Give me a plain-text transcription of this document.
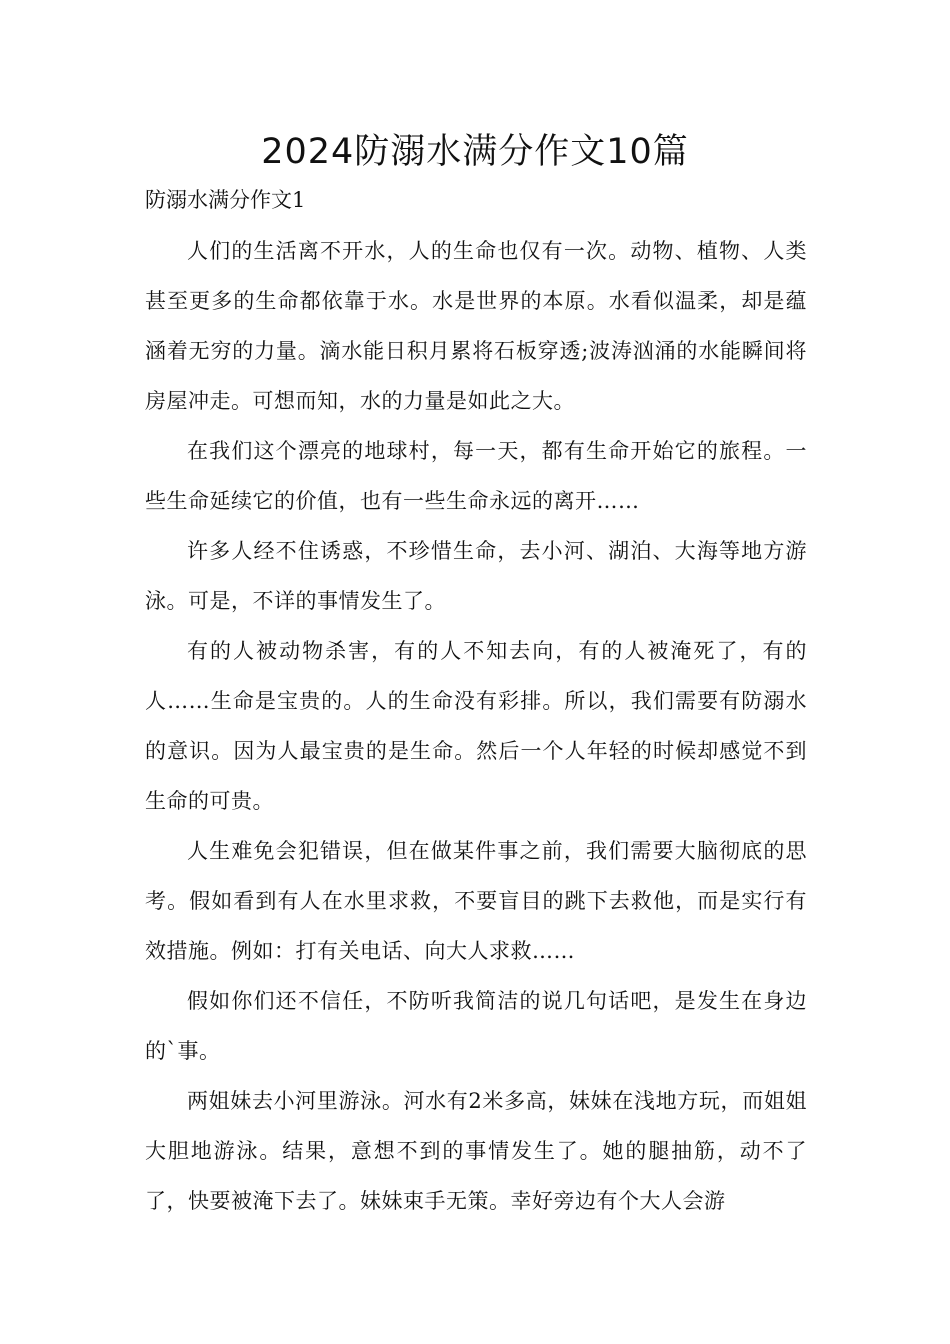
2024防溺水满分作文10篇

防溺水满分作文1

人们的生活离不开水，人的生命也仅有一次。动物、植物、人类甚至更多的生命都依靠于水。水是世界的本原。水看似温柔，却是蕴涵着无穷的力量。滴水能日积月累将石板穿透;波涛汹涌的水能瞬间将房屋冲走。可想而知，水的力量是如此之大。

在我们这个漂亮的地球村，每一天，都有生命开始它的旅程。一些生命延续它的价值，也有一些生命永远的离开……

许多人经不住诱惑，不珍惜生命，去小河、湖泊、大海等地方游泳。可是，不详的事情发生了。

有的人被动物杀害，有的人不知去向，有的人被淹死了，有的人……生命是宝贵的。人的生命没有彩排。所以，我们需要有防溺水的意识。因为人最宝贵的是生命。然后一个人年轻的时候却感觉不到生命的可贵。

人生难免会犯错误，但在做某件事之前，我们需要大脑彻底的思考。假如看到有人在水里求救，不要盲目的跳下去救他，而是实行有效措施。例如：打有关电话、向大人求救……

假如你们还不信任，不防听我简洁的说几句话吧，是发生在身边的`事。

两姐妹去小河里游泳。河水有2米多高，妹妹在浅地方玩，而姐姐大胆地游泳。结果，意想不到的事情发生了。她的腿抽筋，动不了了，快要被淹下去了。妹妹束手无策。幸好旁边有个大人会游
